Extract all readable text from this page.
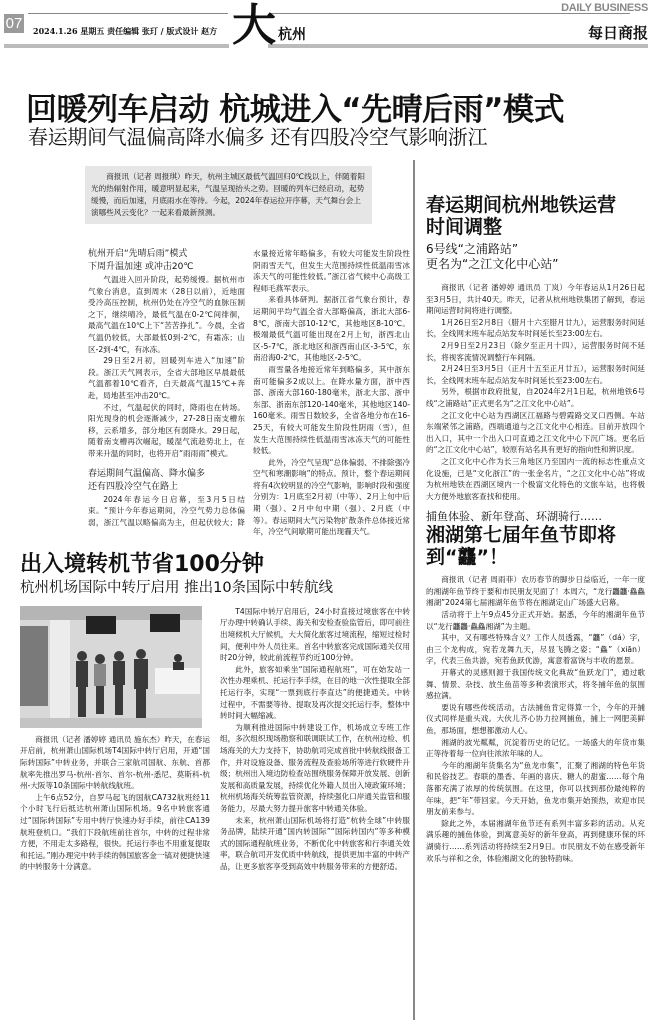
07 2024.1.26 星期五 责任编辑 张玎 / 版式设计 赵方 大 杭州
DAILY BUSINESS
每日商报
回暖列车启动 杭城进入“先晴后雨”模式
春运期间气温偏高降水偏多 还有四股冷空气影响浙江
商报讯（记者 周报琪）昨天，杭州主城区最低气温回归0℃线以上，伴随着阳光的热辐射作用，暖意明显起来，气温呈现抬头之势。回暖的列车已经启动，起势缓慢，而后加速，月底雨水在等待。今起，2024年春运拉开序幕，天气舞台会上演哪些风云变化？一起来看最新预测。
杭州开启“先晴后雨”模式
下周升温加速 或冲击20℃

气温进入回升阶段，起势缓慢。据杭州市气象台消息，直到周末（28日以前），近地面受冷高压控制，杭州仍处在冷空气的血脉压制之下，继续晴冷，最低气温在0-2℃间徘徊，最高气温在10℃上下“苦苦挣扎”。今晨，全省气温仍较低，大部最低0到-2℃，有霜冻；山区-2到-4℃，有冰冻。

29日至2月初，回暖列车进入“加速”阶段。浙江天气网表示，全省大部地区早晨最低气温都着10℃看齐，白天最高气温15℃+奔赴，局地甚至冲击20℃。

不过，气温起伏的同时，降雨也在转场。阳光现身的机会逐渐减少，27-28日南支槽东移，云系增多，部分地区有弱降水。29日起，随着南支槽再次崛起，暖湿气流趁势北上，在带来升温的同时，也将开启“雨雨雨”模式。

春运期间气温偏高、降水偏多
还有四股冷空气在路上

2024年春运今日启幕，至3月5日结束。“预计今年春运期间，冷空气势力总体偏弱，浙江气温以略偏高为主，但起伏较大；降水量接近常年略偏多，有较大可能发生阶段性阴雨雪天气，但发生大范围持续性低温雨雪冰冻天气的可能性较低。”浙江省气候中心高级工程师毛燕军表示。

来看具体研判。据浙江省气象台预计，春运期间平均气温全省大部略偏高，浙北大部6-8℃，浙南大部10-12℃，其他地区8-10℃。极端最低气温可能出现在2月上旬，浙西北山区-5-7℃，浙北地区和浙西南山区-3-5℃，东南沿海0-2℃，其他地区-2-5℃。

雨雪量各地接近常年到略偏多，其中浙东南可能偏多2成以上。在降水量方面，浙中西部、浙南大部160-180毫米，浙北大部、浙中东部、浙南东部120-140毫米，其他地区140-160毫米。雨雪日数较多，全省各地分布在16-25天，有较大可能发生阶段性阴雨（雪），但发生大范围持续性低温雨雪冰冻天气的可能性较低。

此外，冷空气呈现“总体偏弱、不排除强冷空气和寒潮影响”的特点。预计，整个春运期间将有4次较明显的冷空气影响，影响时段和强度分别为：1月底至2月初（中等）、2月上旬中后期（强）、2月中旬中期（强）、2月底（中等）。春运期间大气污染物扩散条件总体接近常年，冷空气间歇期可能出现霾天气。

出入境转机节省100分钟
杭州机场国际中转厅启用 推出10条国际中转航线

商报讯（记者 潘婷婷 通讯员 施东杰）昨天，在春运开启前，杭州萧山国际机场T4国际中转厅启用，开通“国际转国际”中转业务，并联合三家航司国航、东航、首都航率先推出罗马-杭州-首尔、首尔-杭州-悉尼、莫斯科-杭州-大阪等10条国际中转航线航班。

上午6点52分，自罗马起飞的国航CA732航班经11个小时飞行后抵达杭州萧山国际机场。9名中转旅客通过“国际转国际”专用中转厅快速办好手续，前往CA139航班登机口。“我们下段航班前往首尔，中转的过程非常方便，不用走太多路程，很快。托运行李也不用重复提取和托运。”刚办理完中转手续的韩国旅客金一镐对便捷快速的中转服务十分满意。

T4国际中转厅启用后，24小时直接过境旅客在中转厅办理中转确认手续、海关和安检查验监管后，即可前往出境候机大厅候机，大大简化旅客过境流程，缩短过检时间，便利中外人员往来。首名中转旅客完成国际通关仅用时20分钟，较此前流程节约近100分钟。

此外，旅客如乘坐“国际通程航班”，可在始发站一次性办理乘机、托运行李手续，在目的地一次性提取全部托运行李，实现“一票到底行李直达”的便捷通关。中转过程中，不需要等待、提取及再次提交托运行李，整体中转时间大幅缩减。

为顺利推进国际中转建设工作，机场成立专班工作组，多次组织现场勘察和联调联试工作，在杭州边检、机场海关的大力支持下，协助航司完成首批中转航线报备工作，并对设施设备、服务流程及查验场所等进行软硬件升级；杭州出入境边防检查站围绕服务保障开放发展、创新发展和高质量发展，持续优化外籍人员出入境政策环境；杭州机场海关统筹监管资源，持续强化口岸通关监管和服务能力，尽最大努力提升旅客中转通关体验。

未来，杭州萧山国际机场将打造“杭转全球”中转服务品牌，陆续开通“国内转国际”“国际转国内”等多种模式的国际通程航班业务，不断优化中转旅客和行李通关效率，联合航司开发优质中转航线，提供更加丰富的中转产品，让更多旅客享受到高效中转服务带来的方便舒适。

春运期间杭州地铁运营时间调整
6号线“之浦路站”
更名为“之江文化中心站”

商报讯（记者 潘婷婷 通讯员 丁岚）今年春运从1月26日起至3月5日，共计40天。昨天，记者从杭州地铁集团了解到，春运期间运营时间将进行调整。

1月26日至2月8日（腊月十六至腊月廿九），运营服务时间延长，全线网末班车起点站发车时间延长至23:00左右。

2月9日至2月23日（除夕至正月十四），运营服务时间不延长，将视客流情况调整行车间隔。

2月24日至3月5日（正月十五至正月廿五），运营服务时间延长，全线网末班车起点站发车时间延长至23:00左右。

另外，根据市政府批复，自2024年2月1日起，杭州地铁6号线“之浦路站”正式更名为“之江文化中心站”。

之江文化中心站为西湖区江福路与碧霞路交叉口西侧。车站东端紧邻之浦路，西端通道与之江文化中心相连。目前开放四个出入口，其中一个出入口可直通之江文化中心下沉广场。更名后的“之江文化中心站”，较原有站名具有更好的指向性和辨识度。

之江文化中心作为长三角地区乃至国内一流的标志性重点文化设施，已是“文化浙江”的一张金名片，“之江文化中心站”将成为杭州地铁在西湖区境内一个极富文化特色的文旅车站，也将极大方便外地旅客查找和使用。

捕鱼体验、新年登高、环湖骑行……
湘湖第七届年鱼节即将到“龘”！

商报讯（记者 周雨菲）农历春节的脚步日益临近，一年一度的湘湖年鱼节终于要和市民朋友见面了！本周六，“龙行龘龘·鱻鱻湘湖”2024第七届湘湖年鱼节将在湘湖定山广场盛大启幕。

活动将于上午9点45分正式开始。据悉，今年的湘湖年鱼节以“龙行龘龘·鱻鱻湘湖”为主题。

其中，又有哪些特殊含义？工作人员透露，“龘”（dá）字，由三个龙构成，宛若龙舞九天，尽显飞腾之姿；“鱻”（xiān）字，代表三鱼共游，宛若鱼跃优游，寓意着富饶与丰收的愿景。

开幕式的灵感则源于我国传统文化典故“鱼跃龙门”，通过歌舞、情景、杂技、放生鱼苗等多种表演形式，将冬捕年鱼的氛围感拉满。

要说有哪些传统活动，古法捕鱼肯定得算一个，今年的开捕仪式同样是重头戏。大伙儿齐心协力拉网捕鱼，捕上一网肥美鲜鱼，那场面，想想都激动人心。

湘湖的波光粼粼，沉淀着历史的记忆。一场盛大的年货市集正等待着每一位向往浓浓年味的人。

今年的湘湖年货集名为“鱼龙市集”，汇聚了湘湖的特色年货和民俗技艺。春联的墨香、年画的喜庆、糖人的甜蜜……每个角落都充满了浓厚的传统氛围。在这里，你可以找到那份最纯粹的年味，把“年”带回家。今天开始，鱼龙市集开始预热，欢迎市民朋友前来参与。

除此之外，本届湘湖年鱼节还有系列丰富多彩的活动。从充满乐趣的捕鱼体验，到寓意美好的新年登高，再到健康环保的环湖骑行……系列活动将持续至2月9日。市民朋友不妨在感受新年欢乐与祥和之余，体验湘湖文化的独特韵味。
